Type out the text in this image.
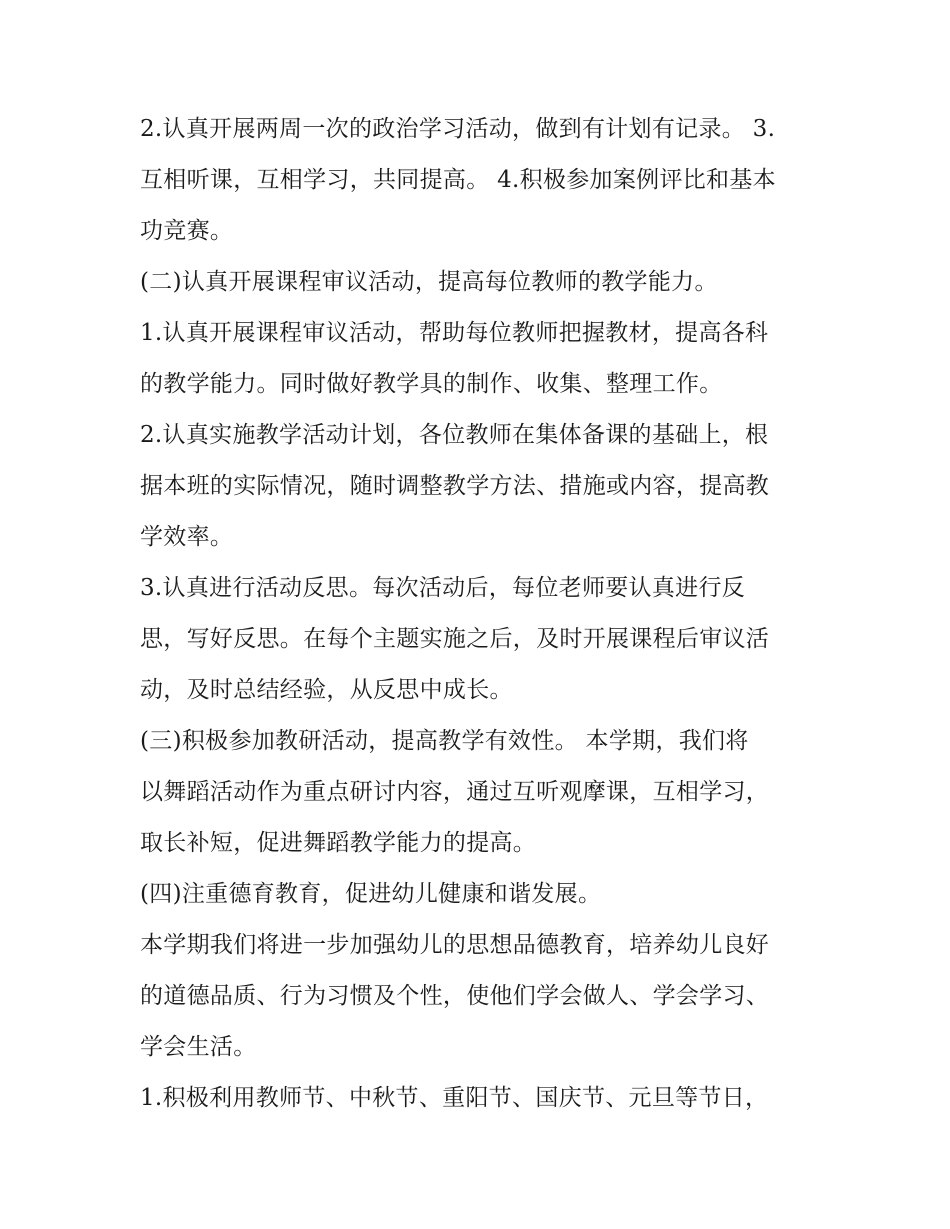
2.认真开展两周一次的政治学习活动，做到有计划有记录。 3.
互相听课，互相学习，共同提高。 4.积极参加案例评比和基本
功竞赛。
(二)认真开展课程审议活动，提高每位教师的教学能力。
1.认真开展课程审议活动，帮助每位教师把握教材，提高各科
的教学能力。同时做好教学具的制作、收集、整理工作。
2.认真实施教学活动计划，各位教师在集体备课的基础上，根
据本班的实际情况，随时调整教学方法、措施或内容，提高教
学效率。
3.认真进行活动反思。每次活动后，每位老师要认真进行反
思，写好反思。在每个主题实施之后，及时开展课程后审议活
动，及时总结经验，从反思中成长。
(三)积极参加教研活动，提高教学有效性。 本学期，我们将
以舞蹈活动作为重点研讨内容，通过互听观摩课，互相学习，
取长补短，促进舞蹈教学能力的提高。
(四)注重德育教育，促进幼儿健康和谐发展。
本学期我们将进一步加强幼儿的思想品德教育，培养幼儿良好
的道德品质、行为习惯及个性，使他们学会做人、学会学习、
学会生活。
1.积极利用教师节、中秋节、重阳节、国庆节、元旦等节日，
